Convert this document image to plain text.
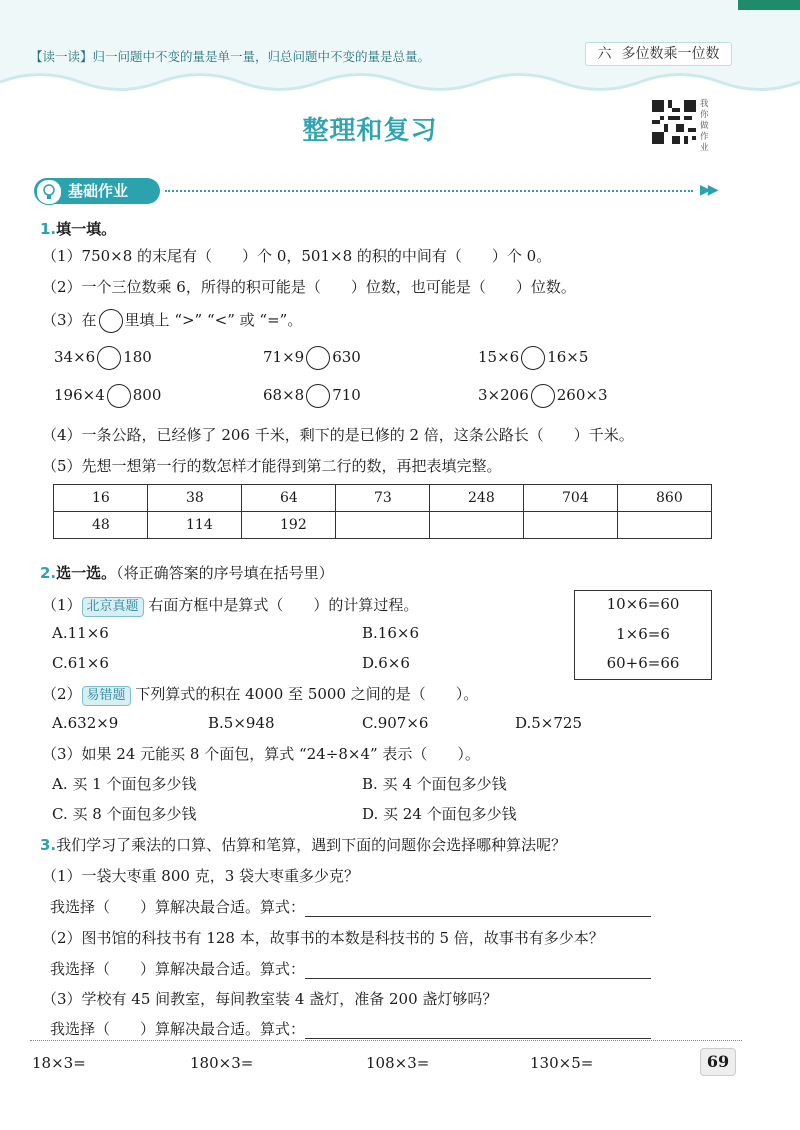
【读一读】归一问题中不变的量是单一量，归总问题中不变的量是总量。	六 多位数乘一位数
整理和复习
我 你 做 作 业
基础作业	▶▶
1.填一填。
（1）750×8 的末尾有（　　）个 0，501×8 的积的中间有（　　）个 0。
（2）一个三位数乘 6，所得的积可能是（　　）位数，也可能是（　　）位数。
（3）在 里填上 “>” “<” 或 “=”。
34×6 180	71×9 630	15×6 16×5
196×4 800	68×8 710	3×206 260×3
（4）一条公路，已经修了 206 千米，剩下的是已修的 2 倍，这条公路长（　　）千米。
（5）先想一想第一行的数怎样才能得到第二行的数，再把表填完整。
16	38	64	73	248	704	860
48	114	192				
2.选一选。（将正确答案的序号填在括号里）
（1） 北京真题 右面方框中是算式（　　）的计算过程。
A.11×6	B.16×6
C.61×6	D.6×6
10×6=60
1×6=6
60+6=66
（2） 易错题 下列算式的积在 4000 至 5000 之间的是（　　）。
A.632×9	B.5×948	C.907×6	D.5×725
（3）如果 24 元能买 8 个面包，算式 “24÷8×4” 表示（　　）。
A. 买 1 个面包多少钱	B. 买 4 个面包多少钱
C. 买 8 个面包多少钱	D. 买 24 个面包多少钱
3.我们学习了乘法的口算、估算和笔算，遇到下面的问题你会选择哪种算法呢？
（1）一袋大枣重 800 克，3 袋大枣重多少克？
我选择（　　）算解决最合适。算式：
（2）图书馆的科技书有 128 本，故事书的本数是科技书的 5 倍，故事书有多少本？
我选择（　　）算解决最合适。算式：
（3）学校有 45 间教室，每间教室装 4 盏灯，准备 200 盏灯够吗？
我选择（　　）算解决最合适。算式：
18×3=	180×3=	108×3=	130×5=	69
